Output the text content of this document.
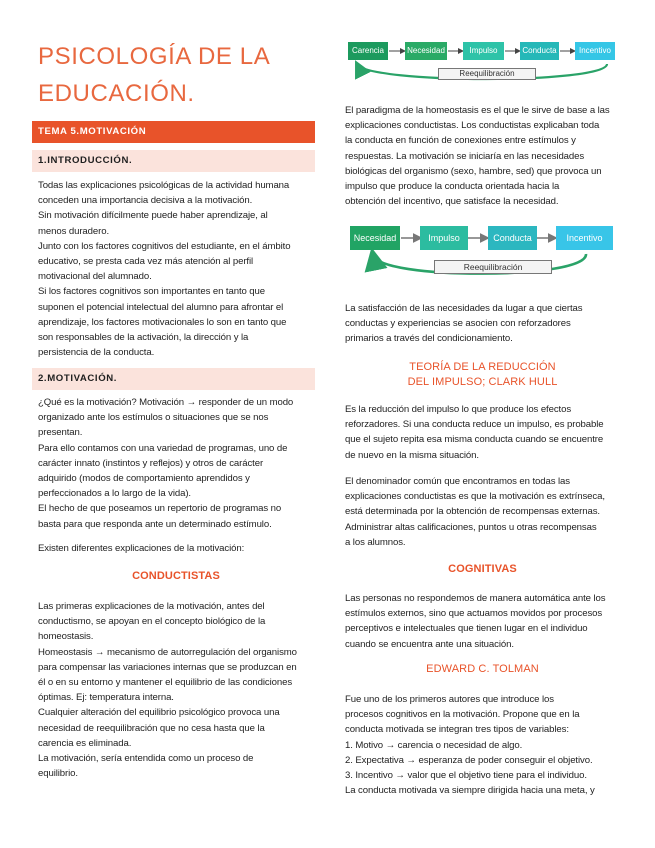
PSICOLOGÍA DE LA
EDUCACIÓN.
TEMA 5.MOTIVACIÓN
1.INTRODUCCIÓN.

Todas las explicaciones psicológicas de la actividad humana

conceden una importancia decisiva a la motivación.

Sin motivación difícilmente puede haber aprendizaje, al

menos duradero.

Junto con los factores cognitivos del estudiante, en el ámbito

educativo, se presta cada vez más atención al perfil

motivacional del alumnado.

Si los factores cognitivos son importantes en tanto que

suponen el potencial intelectual del alumno para afrontar el

aprendizaje, los factores motivacionales lo son en tanto que

son responsables de la activación, la dirección y la

persistencia de la conducta.

2.MOTIVACIÓN.

¿Qué es la motivación? Motivación → responder de un modo

organizado ante los estímulos o situaciones que se nos

presentan.

Para ello contamos con una variedad de programas, uno de

carácter innato (instintos y reflejos) y otros de carácter

adquirido (modos de comportamiento aprendidos y

perfeccionados a lo largo de la vida).

El hecho de que poseamos un repertorio de programas no

basta para que responda ante un determinado estímulo.

Existen diferentes explicaciones de la motivación:

CONDUCTISTAS

Las primeras explicaciones de la motivación, antes del

conductismo, se apoyan en el concepto biológico de la

homeostasis.

Homeostasis → mecanismo de autorregulación del organismo

para compensar las variaciones internas que se produzcan en

él o en su entorno y mantener el equilibrio de las condiciones

óptimas. Ej: temperatura interna.

Cualquier alteración del equilibrio psicológico provoca una

necesidad de reequilibración que no cesa hasta que la

carencia es eliminada.

La motivación, sería entendida como un proceso de

equilibrio.

Carencia	Necesidad	Impulso	Conducta	Incentivo
Reequilibración

El paradigma de la homeostasis es el que le sirve de base a las

explicaciones conductistas. Los conductistas explicaban toda

la conducta en función de conexiones entre estímulos y

respuestas. La motivación se iniciaría en las necesidades

biológicas del organismo (sexo, hambre, sed) que provoca un

impulso que produce la conducta orientada hacia la

obtención del incentivo, que satisface la necesidad.

Necesidad	Impulso	Conducta	Incentivo
Reequilibración

La satisfacción de las necesidades da lugar a que ciertas

conductas y experiencias se asocien con reforzadores

primarios a través del condicionamiento.

TEORÍA DE LA REDUCCIÓN
DEL IMPULSO; CLARK HULL

Es la reducción del impulso lo que produce los efectos

reforzadores. Si una conducta reduce un impulso, es probable

que el sujeto repita esa misma conducta cuando se encuentre

de nuevo en la misma situación.

El denominador común que encontramos en todas las

explicaciones conductistas es que la motivación es extrínseca,

está determinada por la obtención de recompensas externas.

Administrar altas calificaciones, puntos u otras recompensas

a los alumnos.

COGNITIVAS

Las personas no respondemos de manera automática ante los

estímulos externos, sino que actuamos movidos por procesos

perceptivos e intelectuales que tienen lugar en el individuo

cuando se encuentra ante una situación.

EDWARD C. TOLMAN

Fue uno de los primeros autores que introduce los

procesos cognitivos en la motivación. Propone que en la

conducta motivada se integran tres tipos de variables:

1. Motivo → carencia o necesidad de algo.

2. Expectativa → esperanza de poder conseguir el objetivo.

3. Incentivo → valor que el objetivo tiene para el individuo.

La conducta motivada va siempre dirigida hacia una meta, y
